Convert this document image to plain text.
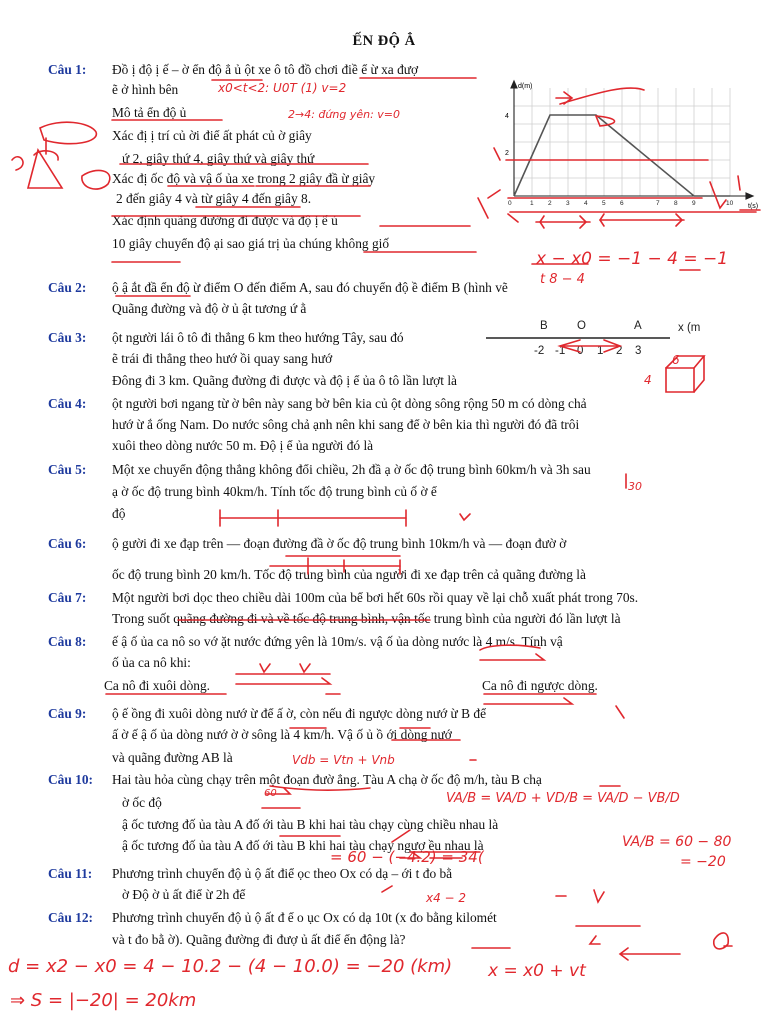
ẾN ĐỘ Ẳ
Câu 1: Đồ ị độ ị ế – ờ ển độ ẳ ủ ột xe ô tô đồ chơi điề ể ừ xa đượ
ẽ ở hình bên
Mô tả ển độ ủ
Xác đị ị trí củ ời điể ất phát củ ờ giây
ứ 2, giây thứ 4, giây thứ và giây thứ
Xác đị ốc độ và vậ ố ủa xe trong 2 giây đầ ừ giây
2 đến giây 4 và từ giây 4 đến giây 8.
Xác định quãng đường đi được và độ ị ể ủ
10 giây chuyển độ ại sao giá trị ủa chúng không giố
Câu 2: ộ ậ ắt đầ ển độ ừ điểm O đến điểm A, sau đó chuyển độ ề điểm B (hình vẽ
Quãng đường và độ ờ ủ ật tương ứ ằ
Câu 3: ột người lái ô tô đi thẳng 6 km theo hướng Tây, sau đó
ẽ trái đi thẳng theo hướ ồi quay sang hướ
Đông đi 3 km. Quãng đường đi được và độ ị ể ủa ô tô lần lượt là
Câu 4: ột người bơi ngang từ ờ bên này sang bờ bên kia củ ột dòng sông rộng 50 m có dòng chả
hướ ừ ắ ống Nam. Do nước sông chả ạnh nên khi sang để ờ bên kia thì người đó đã trôi
xuôi theo dòng nước 50 m. Độ ị ể ủa người đó là
Câu 5: Một xe chuyển động thẳng không đổi chiều, 2h đầ ạ ờ ốc độ trung bình 60km/h và 3h sau
ạ ờ ốc độ trung bình 40km/h. Tính tốc độ trung bình củ ố ờ ể
độ
Câu 6: ộ gười đi xe đạp trên — đoạn đường đầ ờ ốc độ trung bình 10km/h và — đoạn đườ ờ
ốc độ trung bình 20 km/h. Tốc độ trung bình của người đi xe đạp trên cả quãng đường là
Câu 7: Một người bơi dọc theo chiều dài 100m của bể bơi hết 60s rồi quay về lại chỗ xuất phát trong 70s.
Trong suốt quãng đường đi và về tốc độ trung bình, vận tốc trung bình của người đó lần lượt là
Câu 8: ế ậ ố ủa ca nô so vớ ặt nước đứng yên là 10m/s. vậ ố ủa dòng nước là 4 m/s. Tính vậ
ố ủa ca nô khi:
Ca nô đi xuôi dòng.	Ca nô đi ngược dòng.
Câu 9: ộ ế ồng đi xuôi dòng nướ ừ để ấ ờ, còn nếu đi ngược dòng nướ ừ B để
ấ ờ ế ậ ố ủa dòng nướ ờ ờ sông là 4 km/h. Vậ ố ủ ồ ới dòng nướ
và quãng đường AB là
Câu 10: Hai tàu hỏa cùng chạy trên một đoạn đườ ẳng. Tàu A chạ ờ ốc độ m/h, tàu B chạ
ờ ốc độ
ậ ốc tương đố ủa tàu A đố ới tàu B khi hai tàu chạy cùng chiều nhau là
ậ ốc tương đố ủa tàu A đố ới tàu B khi hai tàu chạy ngượ ều nhau là
Câu 11: Phương trình chuyển độ ủ ộ ất điể ọc theo Ox có dạ – ới t đo bằ
ờ Độ ờ ủ ất điể ừ 2h để
Câu 12: Phương trình chuyển độ ủ ộ ất đ ể o ục Ox có dạ 10t (x đo bằng kilomét
và t đo bằ ờ). Quãng đường đi đượ ủ ất điể ển động là?
d(m)
t(s)
4
2
0	1 2 3 4 5 6	7 8 9	10
B	O	A	x (m
-2 -1 0 1 2 3
x0<t<2: U0T (1) v=2
2→4: đứng yên: v=0
x − x0 = −1 − 4 = −1
t 8 − 4
6
4
30
Vdb = Vtn + Vnb
VA/B = VA/D + VD/B = VA/D − VB/D
VA/B = 60 − 80
= −20
60
= 60 − (−4.2) = 34(
x4 − 2
x = x0 + vt
d = x2 − x0 = 4 − 10.2 − (4 − 10.0) = −20 (km)
⇒ S = |−20| = 20km
